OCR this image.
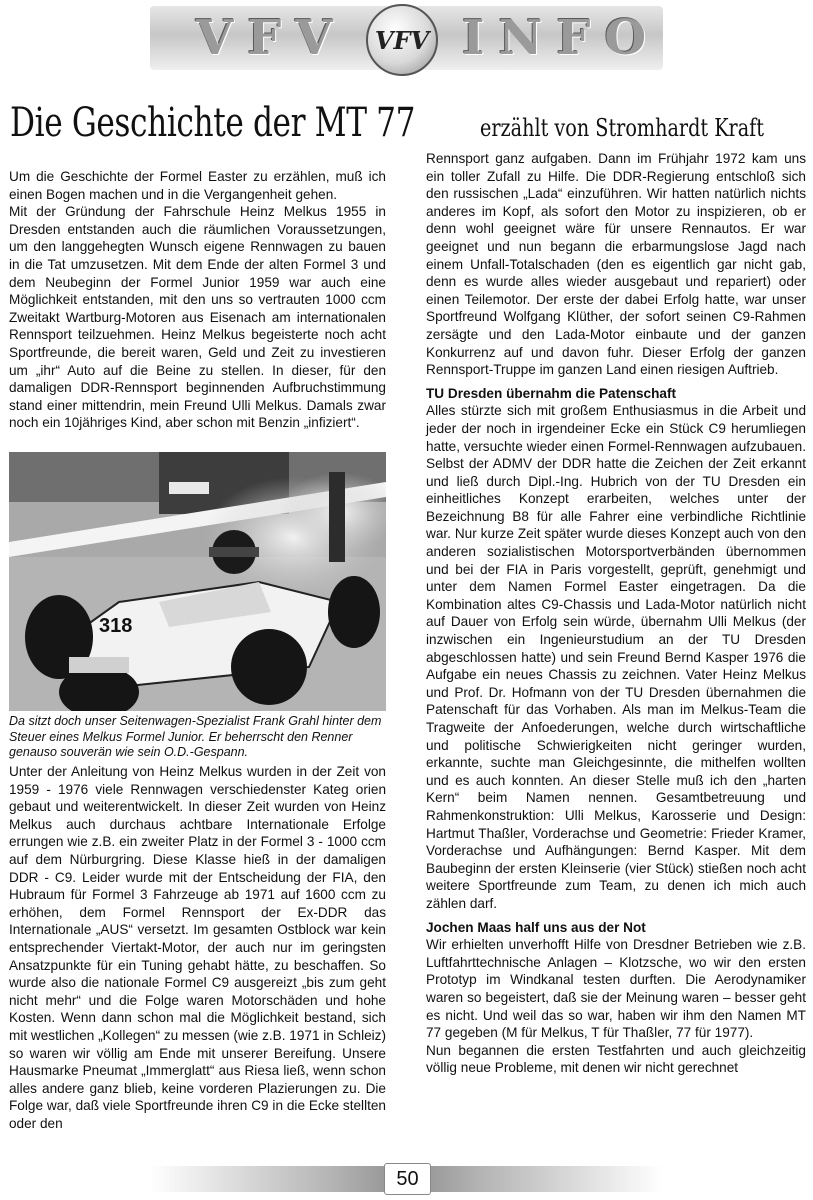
VFV VFV INFO
Die Geschichte der MT 77	erzählt von Stromhardt Kraft

Um die Geschichte der Formel Easter zu erzählen, muß ich einen Bogen machen und in die Vergangenheit gehen.

Mit der Gründung der Fahrschule Heinz Melkus 1955 in Dresden entstanden auch die räumlichen Voraussetzungen, um den langgehegten Wunsch eigene Rennwagen zu bauen in die Tat umzusetzen. Mit dem Ende der alten Formel 3 und dem Neubeginn der Formel Junior 1959 war auch eine Möglichkeit entstanden, mit den uns so vertrauten 1000 ccm Zweitakt Wartburg-Motoren aus Eisenach am internationalen Rennsport teilzuehmen. Heinz Melkus begeisterte noch acht Sportfreunde, die bereit waren, Geld und Zeit zu investieren um „ihr“ Auto auf die Beine zu stellen. In dieser, für den damaligen DDR-Rennsport beginnenden Aufbruchstimmung stand einer mittendrin, mein Freund Ulli Melkus. Damals zwar noch ein 10jähriges Kind, aber schon mit Benzin „infiziert“.

318
Da sitzt doch unser Seitenwagen-Spezialist Frank Grahl hinter dem Steuer eines Melkus Formel Junior. Er beherrscht den Renner genauso souverän wie sein O.D.-Gespann.

Unter der Anleitung von Heinz Melkus wurden in der Zeit von 1959 - 1976 viele Rennwagen verschiedenster Kateg orien gebaut und weiterentwickelt. In dieser Zeit wurden von Heinz Melkus auch durchaus achtbare Internationale Erfolge errungen wie z.B. ein zweiter Platz in der Formel 3 - 1000 ccm auf dem Nürburgring. Diese Klasse hieß in der damaligen DDR - C9. Leider wurde mit der Entscheidung der FIA, den Hubraum für Formel 3 Fahrzeuge ab 1971 auf 1600 ccm zu erhöhen, dem Formel Rennsport der Ex-DDR das Internationale „AUS“ versetzt. Im gesamten Ostblock war kein entsprechender Viertakt-Motor, der auch nur im geringsten Ansatzpunkte für ein Tuning gehabt hätte, zu beschaffen. So wurde also die nationale Formel C9 ausgereizt „bis zum geht nicht mehr“ und die Folge waren Motorschäden und hohe Kosten. Wenn dann schon mal die Möglichkeit bestand, sich mit westlichen „Kollegen“ zu messen (wie z.B. 1971 in Schleiz) so waren wir völlig am Ende mit unserer Bereifung. Unsere Hausmarke Pneumat „Immerglatt“ aus Riesa ließ, wenn schon alles andere ganz blieb, keine vorderen Plazierungen zu. Die Folge war, daß viele Sportfreunde ihren C9 in die Ecke stellten oder den

Rennsport ganz aufgaben. Dann im Frühjahr 1972 kam uns ein toller Zufall zu Hilfe. Die DDR-Regierung entschloß sich den russischen „Lada“ einzuführen. Wir hatten natürlich nichts anderes im Kopf, als sofort den Motor zu inspizieren, ob er denn wohl geeignet wäre für unsere Rennautos. Er war geeignet und nun begann die erbarmungslose Jagd nach einem Unfall-Totalschaden (den es eigentlich gar nicht gab, denn es wurde alles wieder ausgebaut und repariert) oder einen Teilemotor. Der erste der dabei Erfolg hatte, war unser Sportfreund Wolfgang Klüther, der sofort seinen C9-Rahmen zersägte und den Lada-Motor einbaute und der ganzen Konkurrenz auf und davon fuhr. Dieser Erfolg der ganzen Rennsport-Truppe im ganzen Land einen riesigen Auftrieb.

TU Dresden übernahm die Patenschaft

Alles stürzte sich mit großem Enthusiasmus in die Arbeit und jeder der noch in irgendeiner Ecke ein Stück C9 herumliegen hatte, versuchte wieder einen Formel-Rennwagen aufzubauen. Selbst der ADMV der DDR hatte die Zeichen der Zeit erkannt und ließ durch Dipl.-Ing. Hubrich von der TU Dresden ein einheitliches Konzept erarbeiten, welches unter der Bezeichnung B8 für alle Fahrer eine verbindliche Richtlinie war. Nur kurze Zeit später wurde dieses Konzept auch von den anderen sozialistischen Motorsportverbänden übernommen und bei der FIA in Paris vorgestellt, geprüft, genehmigt und unter dem Namen Formel Easter eingetragen. Da die Kombination altes C9-Chassis und Lada-Motor natürlich nicht auf Dauer von Erfolg sein würde, übernahm Ulli Melkus (der inzwischen ein Ingenieurstudium an der TU Dresden abgeschlossen hatte) und sein Freund Bernd Kasper 1976 die Aufgabe ein neues Chassis zu zeichnen. Vater Heinz Melkus und Prof. Dr. Hofmann von der TU Dresden übernahmen die Patenschaft für das Vorhaben. Als man im Melkus-Team die Tragweite der Anfoederungen, welche durch wirtschaftliche und politische Schwierigkeiten nicht geringer wurden, erkannte, suchte man Gleichgesinnte, die mithelfen wollten und es auch konnten. An dieser Stelle muß ich den „harten Kern“ beim Namen nennen. Gesamtbetreuung und Rahmenkonstruktion: Ulli Melkus, Karosserie und Design: Hartmut Thaßler, Vorderachse und Geometrie: Frieder Kramer, Vorderachse und Aufhängungen: Bernd Kasper. Mit dem Baubeginn der ersten Kleinserie (vier Stück) stießen noch acht weitere Sportfreunde zum Team, zu denen ich mich auch zählen darf.

Jochen Maas half uns aus der Not

Wir erhielten unverhofft Hilfe von Dresdner Betrieben wie z.B. Luftfahrttechnische Anlagen – Klotzsche, wo wir den ersten Prototyp im Windkanal testen durften. Die Aerodynamiker waren so begeistert, daß sie der Meinung waren – besser geht es nicht. Und weil das so war, haben wir ihm den Namen MT 77 gegeben (M für Melkus, T für Thaßler, 77 für 1977).

Nun begannen die ersten Testfahrten und auch gleichzeitig völlig neue Probleme, mit denen wir nicht gerechnet

50
